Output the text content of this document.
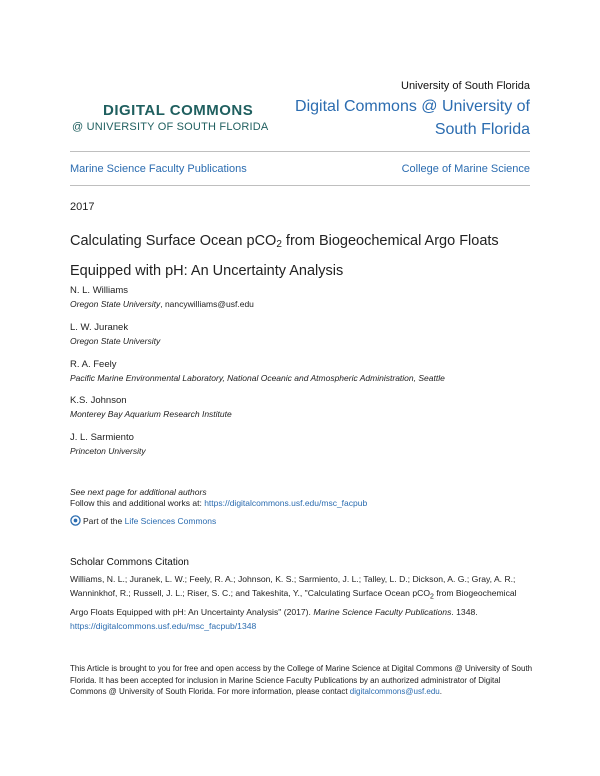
University of South Florida
DIGITAL COMMONS
@ UNIVERSITY OF SOUTH FLORIDA
Digital Commons @ University of
South Florida
Marine Science Faculty Publications	College of Marine Science
2017
Calculating Surface Ocean pCO$_2$ from Biogeochemical Argo Floats Equipped with pH: An Uncertainty Analysis
N. L. Williams
Oregon State University, nancywilliams@usf.edu
L. W. Juranek
Oregon State University
R. A. Feely
Pacific Marine Environmental Laboratory, National Oceanic and Atmospheric Administration, Seattle
K.S. Johnson
Monterey Bay Aquarium Research Institute
J. L. Sarmiento
Princeton University
See next page for additional authors
Follow this and additional works at: https://digitalcommons.usf.edu/msc_facpub
Part of the Life Sciences Commons
Scholar Commons Citation
Williams, N. L.; Juranek, L. W.; Feely, R. A.; Johnson, K. S.; Sarmiento, J. L.; Talley, L. D.; Dickson, A. G.; Gray, A. R.; Wanninkhof, R.; Russell, J. L.; Riser, S. C.; and Takeshita, Y., "Calculating Surface Ocean pCO$_2$ from Biogeochemical Argo Floats Equipped with pH: An Uncertainty Analysis" (2017). Marine Science Faculty Publications. 1348.
https://digitalcommons.usf.edu/msc_facpub/1348
This Article is brought to you for free and open access by the College of Marine Science at Digital Commons @ University of South Florida. It has been accepted for inclusion in Marine Science Faculty Publications by an authorized administrator of Digital Commons @ University of South Florida. For more information, please contact digitalcommons@usf.edu.
